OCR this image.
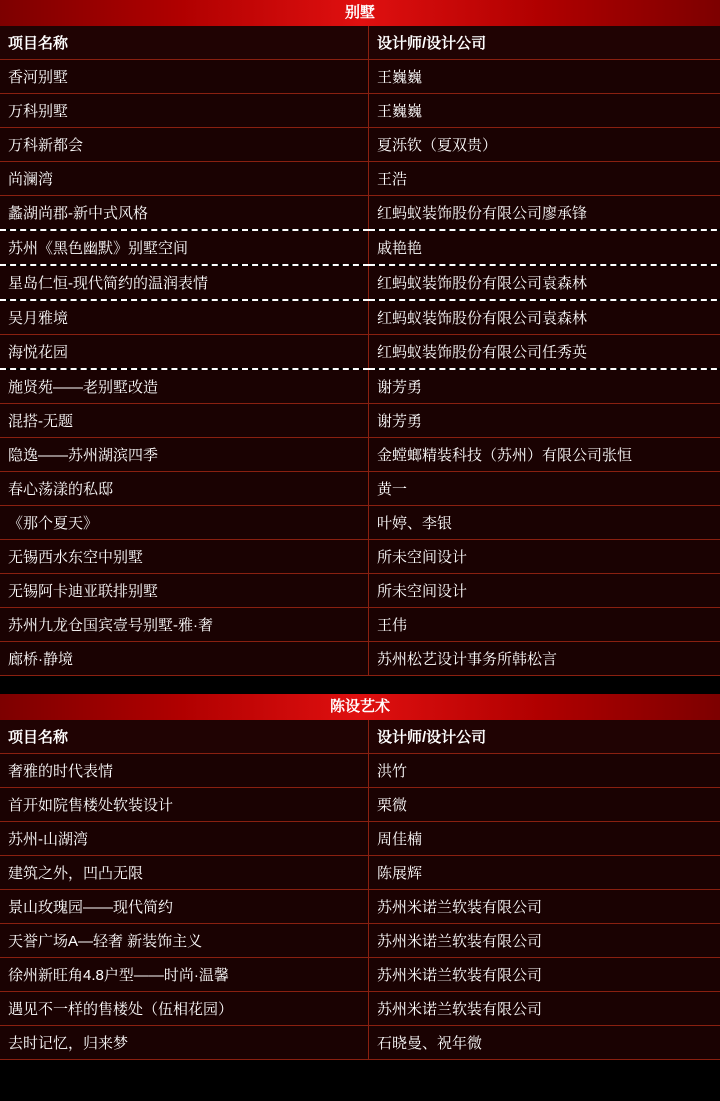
别墅
项目名称	设计师/设计公司
香河别墅	王巍巍
万科别墅	王巍巍
万科新都会	夏泺钦（夏双贵）
尚澜湾	王浩
蠡湖尚郡-新中式风格	红蚂蚁装饰股份有限公司廖承锋
苏州《黑色幽默》别墅空间	戚艳艳
星岛仁恒-现代简约的温润表情	红蚂蚁装饰股份有限公司袁森林
吴月雅境	红蚂蚁装饰股份有限公司袁森林
海悦花园	红蚂蚁装饰股份有限公司任秀英
施贤苑——老别墅改造	谢芳勇
混搭-无题	谢芳勇
隐逸——苏州湖滨四季	金螳螂精装科技（苏州）有限公司张恒
春心荡漾的私邸	黄一
《那个夏天》	叶婷、李银
无锡西水东空中别墅	所未空间设计
无锡阿卡迪亚联排别墅	所未空间设计
苏州九龙仓国宾壹号别墅-雅·奢	王伟
廊桥·静境	苏州松艺设计事务所韩松言
陈设艺术
项目名称	设计师/设计公司
奢雅的时代表情	洪竹
首开如院售楼处软装设计	栗微
苏州-山湖湾	周佳楠
建筑之外，凹凸无限	陈展辉
景山玫瑰园——现代简约	苏州米诺兰软装有限公司
天誉广场A—轻奢 新装饰主义	苏州米诺兰软装有限公司
徐州新旺角4.8户型——时尚·温馨	苏州米诺兰软装有限公司
遇见不一样的售楼处（伍相花园）	苏州米诺兰软装有限公司
去时记忆，归来梦	石晓曼、祝年微
